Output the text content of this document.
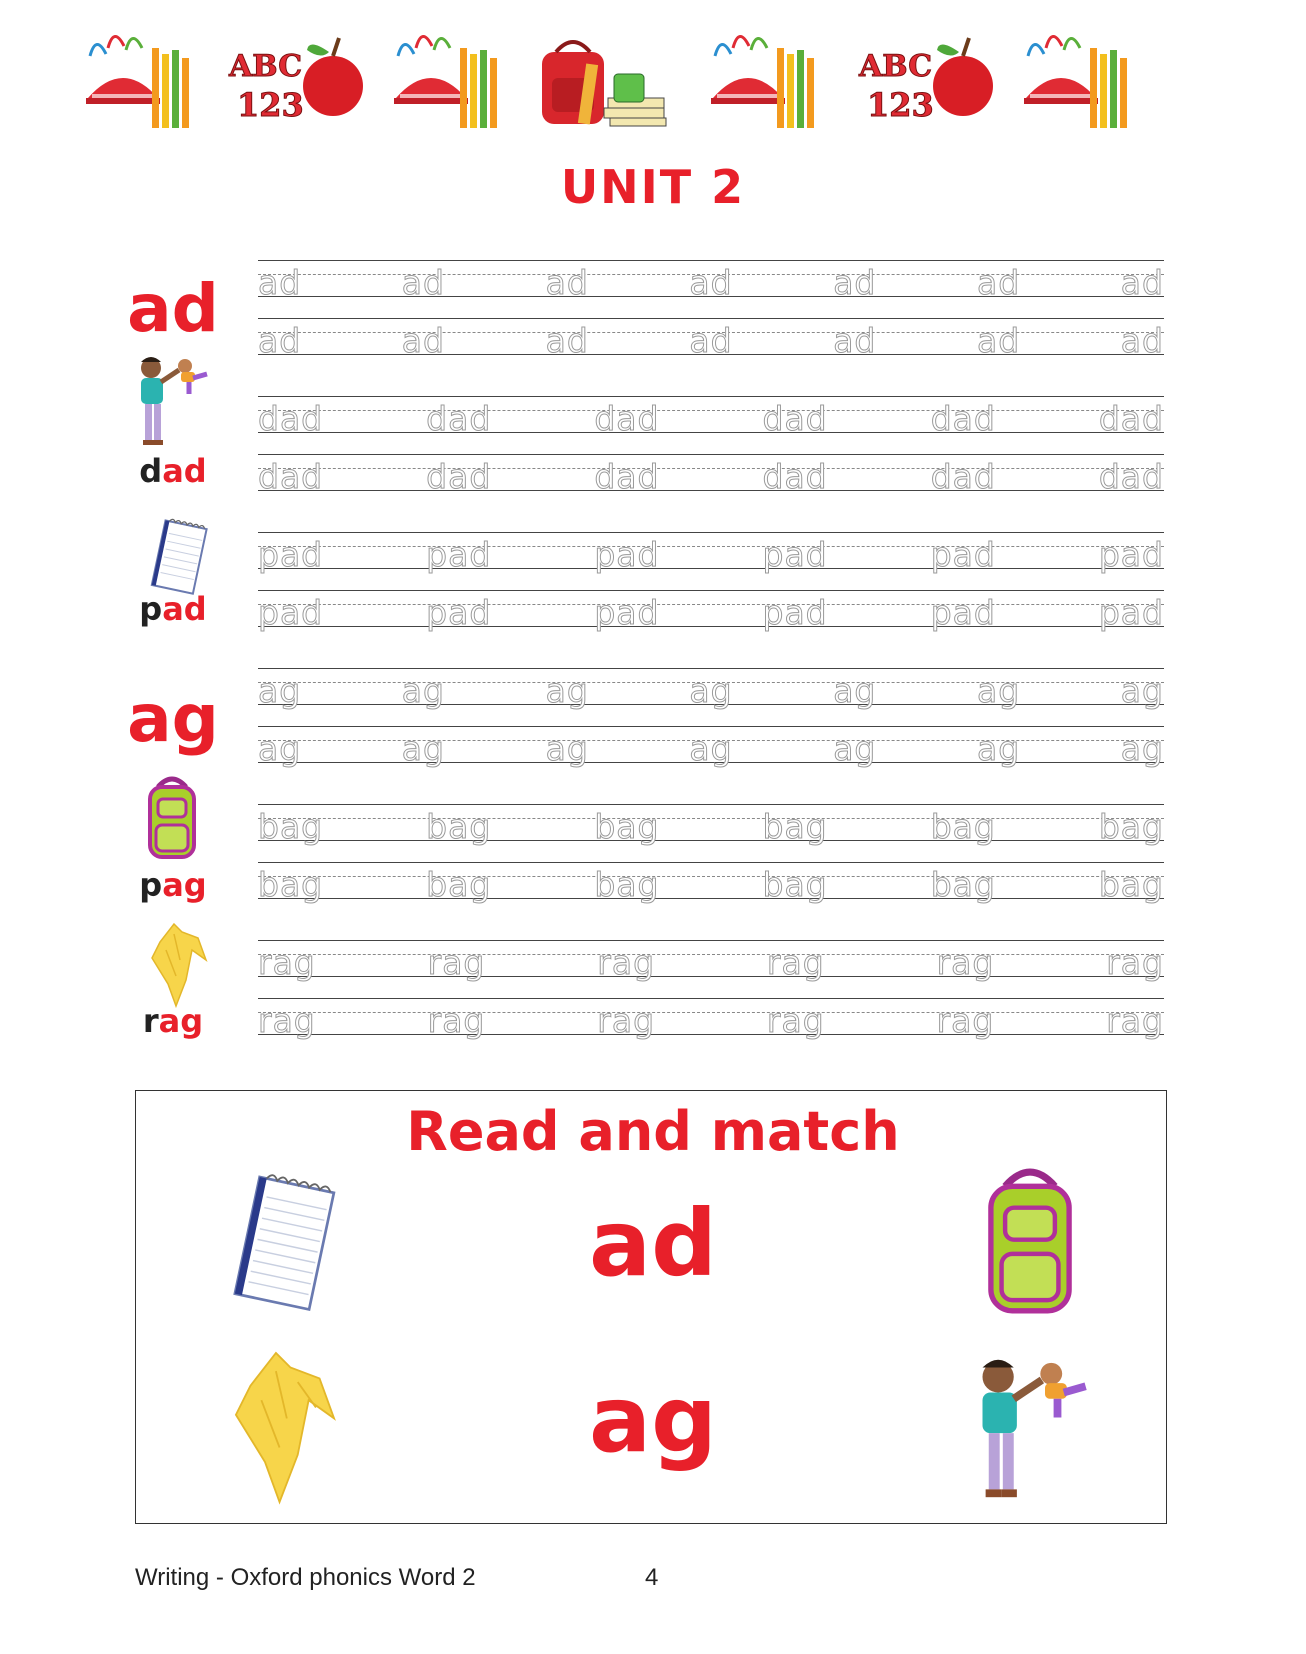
ABC
123
ABC
123
UNIT 2
ad
dad
pad
ag
pag
rag
ad	ad	ad	ad	ad	ad	ad
ad	ad	ad	ad	ad	ad	ad
dad	dad	dad	dad	dad	dad
dad	dad	dad	dad	dad	dad
pad	pad	pad	pad	pad	pad
pad	pad	pad	pad	pad	pad
ag	ag	ag	ag	ag	ag	ag
ag	ag	ag	ag	ag	ag	ag
bag	bag	bag	bag	bag	bag
bag	bag	bag	bag	bag	bag
rag	rag	rag	rag	rag	rag
rag	rag	rag	rag	rag	rag
Read and match
ad
ag
Writing - Oxford phonics Word 2	4
